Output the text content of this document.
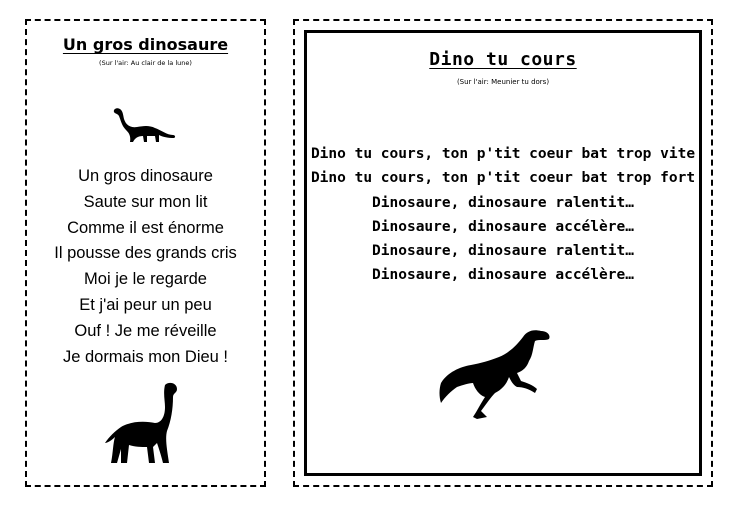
Un gros dinosaure
(Sur l'air: Au clair de la lune)
Un gros dinosaure
Saute sur mon lit
Comme il est énorme
Il pousse des grands cris
Moi je le regarde
Et j'ai peur un peu
Ouf ! Je me réveille
Je dormais mon Dieu !
Dino tu cours
(Sur l'air: Meunier tu dors)
Dino tu cours, ton p'tit coeur bat trop vite
Dino tu cours, ton p'tit coeur bat trop fort
Dinosaure, dinosaure ralentit…
Dinosaure, dinosaure accélère…
Dinosaure, dinosaure ralentit…
Dinosaure, dinosaure accélère…
